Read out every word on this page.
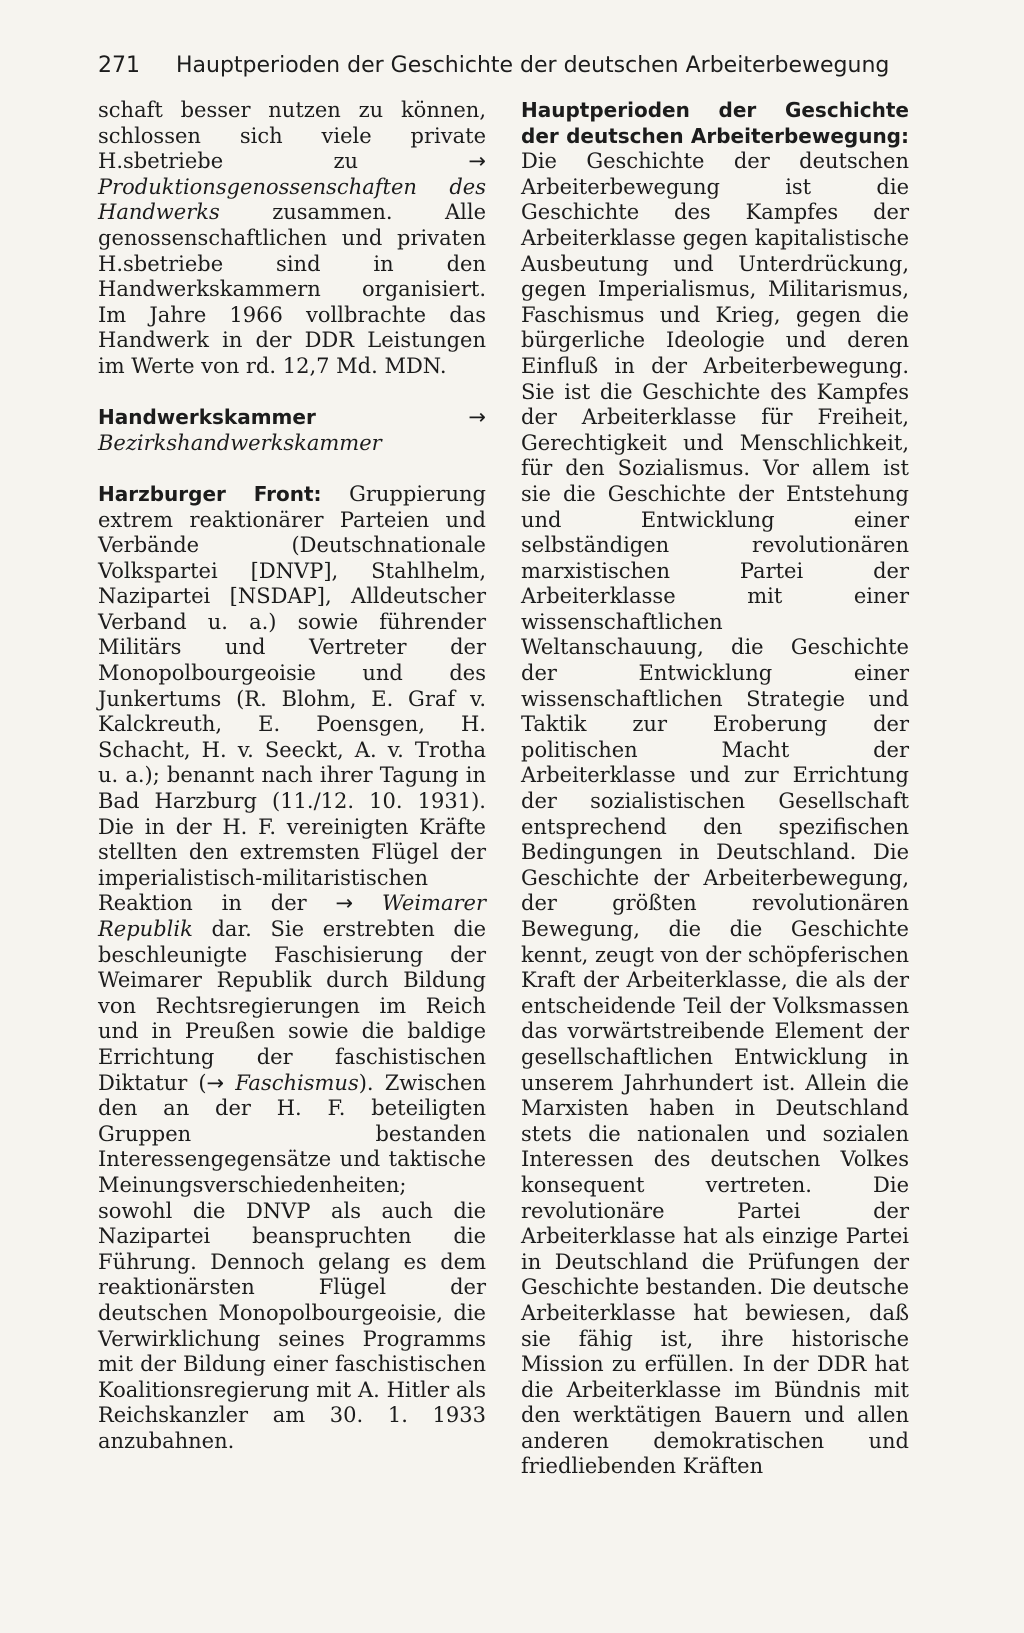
271 Hauptperioden der Geschichte der deutschen Arbeiterbewegung

schaft besser nutzen zu können, schlossen sich viele private H.sbetriebe zu → Produktionsgenossenschaften des Handwerks zusammen. Alle genossenschaftlichen und privaten H.sbetriebe sind in den Handwerkskammern organisiert. Im Jahre 1966 vollbrachte das Handwerk in der DDR Leistungen im Werte von rd. 12,7 Md. MDN.

Handwerkskammer	→ Bezirkshandwerkskammer

Harzburger Front: Gruppierung extrem reaktionärer Parteien und Verbände (Deutschnationale Volkspartei [DNVP], Stahlhelm, Nazipartei [NSDAP], Alldeutscher Verband u. a.) sowie führender Militärs und Vertreter der Monopolbourgeoisie und des Junkertums (R. Blohm, E. Graf v. Kalckreuth, E. Poensgen, H. Schacht, H. v. Seeckt, A. v. Trotha u. a.); benannt nach ihrer Tagung in Bad Harzburg (11./12. 10. 1931). Die in der H. F. vereinigten Kräfte stellten den extremsten Flügel der imperialistisch-militaristischen Reaktion in der → Weimarer Republik dar. Sie erstrebten die beschleunigte Faschisierung der Weimarer Republik durch Bildung von Rechtsregierungen im Reich und in Preußen sowie die baldige Errichtung der faschistischen Diktatur (→ Faschismus). Zwischen den an der H. F. beteiligten Gruppen bestanden Interessengegensätze und taktische Meinungsverschiedenheiten; sowohl die DNVP als auch die Nazipartei beanspruchten die Führung. Dennoch gelang es dem reaktionärsten Flügel der deutschen Monopolbourgeoisie, die Verwirklichung seines Programms mit der Bildung einer faschistischen Koalitionsregierung mit A. Hitler als Reichskanzler am 30. 1. 1933 anzubahnen.

Hauptperioden der Geschichte der deutschen Arbeiterbewegung: Die Geschichte der deutschen Arbeiterbewegung ist die Geschichte des Kampfes der Arbeiterklasse gegen kapitalistische Ausbeutung und Unterdrückung, gegen Imperialismus, Militarismus, Faschismus und Krieg, gegen die bürgerliche Ideologie und deren Einfluß in der Arbeiterbewegung. Sie ist die Geschichte des Kampfes der Arbeiterklasse für Freiheit, Gerechtigkeit und Menschlichkeit, für den Sozialismus. Vor allem ist sie die Geschichte der Entstehung und Entwicklung einer selbständigen revolutionären marxistischen Partei der Arbeiterklasse mit einer wissenschaftlichen Weltanschauung, die Geschichte der Entwicklung einer wissenschaftlichen Strategie und Taktik zur Eroberung der politischen Macht der Arbeiterklasse und zur Errichtung der sozialistischen Gesellschaft entsprechend den spezifischen Bedingungen in Deutschland. Die Geschichte der Arbeiterbewegung, der größten revolutionären Bewegung, die die Geschichte kennt, zeugt von der schöpferischen Kraft der Arbeiterklasse, die als der entscheidende Teil der Volksmassen das vorwärtstreibende Element der gesellschaftlichen Entwicklung in unserem Jahrhundert ist. Allein die Marxisten haben in Deutschland stets die nationalen und sozialen Interessen des deutschen Volkes konsequent vertreten. Die revolutionäre Partei der Arbeiterklasse hat als einzige Partei in Deutschland die Prüfungen der Geschichte bestanden. Die deutsche Arbeiterklasse hat bewiesen, daß sie fähig ist, ihre historische Mission zu erfüllen. In der DDR hat die Arbeiterklasse im Bündnis mit den werktätigen Bauern und allen anderen demokratischen und friedliebenden Kräften
